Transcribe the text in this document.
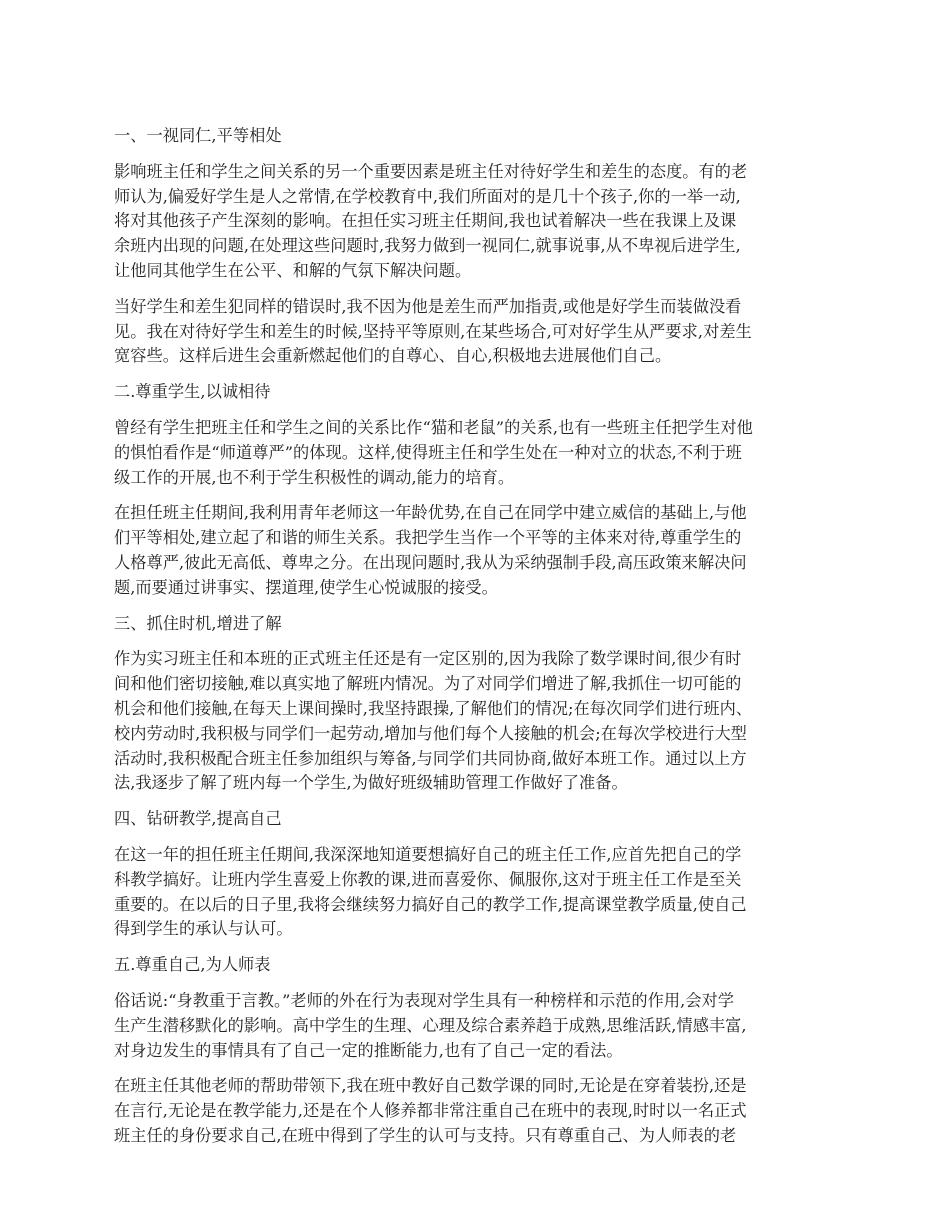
一、一视同仁,平等相处
影响班主任和学生之间关系的另一个重要因素是班主任对待好学生和差生的态度。有的老
师认为,偏爱好学生是人之常情,在学校教育中,我们所面对的是几十个孩子,你的一举一动,
将对其他孩子产生深刻的影响。在担任实习班主任期间,我也试着解决一些在我课上及课
余班内出现的问题,在处理这些问题时,我努力做到一视同仁,就事说事,从不卑视后进学生,
让他同其他学生在公平、和解的气氛下解决问题。
当好学生和差生犯同样的错误时,我不因为他是差生而严加指责,或他是好学生而装做没看
见。我在对待好学生和差生的时候,坚持平等原则,在某些场合,可对好学生从严要求,对差生
宽容些。这样后进生会重新燃起他们的自尊心、自心,积极地去进展他们自己。
二.尊重学生,以诚相待
曾经有学生把班主任和学生之间的关系比作“猫和老鼠”的关系,也有一些班主任把学生对他
的惧怕看作是“师道尊严”的体现。这样,使得班主任和学生处在一种对立的状态,不利于班
级工作的开展,也不利于学生积极性的调动,能力的培育。
在担任班主任期间,我利用青年老师这一年龄优势,在自己在同学中建立威信的基础上,与他
们平等相处,建立起了和谐的师生关系。我把学生当作一个平等的主体来对待,尊重学生的
人格尊严,彼此无高低、尊卑之分。在出现问题时,我从为采纳强制手段,高压政策来解决问
题,而要通过讲事实、摆道理,使学生心悦诚服的接受。
三、抓住时机,增进了解
作为实习班主任和本班的正式班主任还是有一定区别的,因为我除了数学课时间,很少有时
间和他们密切接触,难以真实地了解班内情况。为了对同学们增进了解,我抓住一切可能的
机会和他们接触,在每天上课间操时,我坚持跟操,了解他们的情况;在每次同学们进行班内、
校内劳动时,我积极与同学们一起劳动,增加与他们每个人接触的机会;在每次学校进行大型
活动时,我积极配合班主任参加组织与筹备,与同学们共同协商,做好本班工作。通过以上方
法,我逐步了解了班内每一个学生,为做好班级辅助管理工作做好了准备。
四、钻研教学,提高自己
在这一年的担任班主任期间,我深深地知道要想搞好自己的班主任工作,应首先把自己的学
科教学搞好。让班内学生喜爱上你教的课,进而喜爱你、佩服你,这对于班主任工作是至关
重要的。在以后的日子里,我将会继续努力搞好自己的教学工作,提高课堂教学质量,使自己
得到学生的承认与认可。
五.尊重自己,为人师表
俗话说:“身教重于言教。”老师的外在行为表现对学生具有一种榜样和示范的作用,会对学
生产生潜移默化的影响。高中学生的生理、心理及综合素养趋于成熟,思维活跃,情感丰富,
对身边发生的事情具有了自己一定的推断能力,也有了自己一定的看法。
在班主任其他老师的帮助带领下,我在班中教好自己数学课的同时,无论是在穿着装扮,还是
在言行,无论是在教学能力,还是在个人修养都非常注重自己在班中的表现,时时以一名正式
班主任的身份要求自己,在班中得到了学生的认可与支持。只有尊重自己、为人师表的老
